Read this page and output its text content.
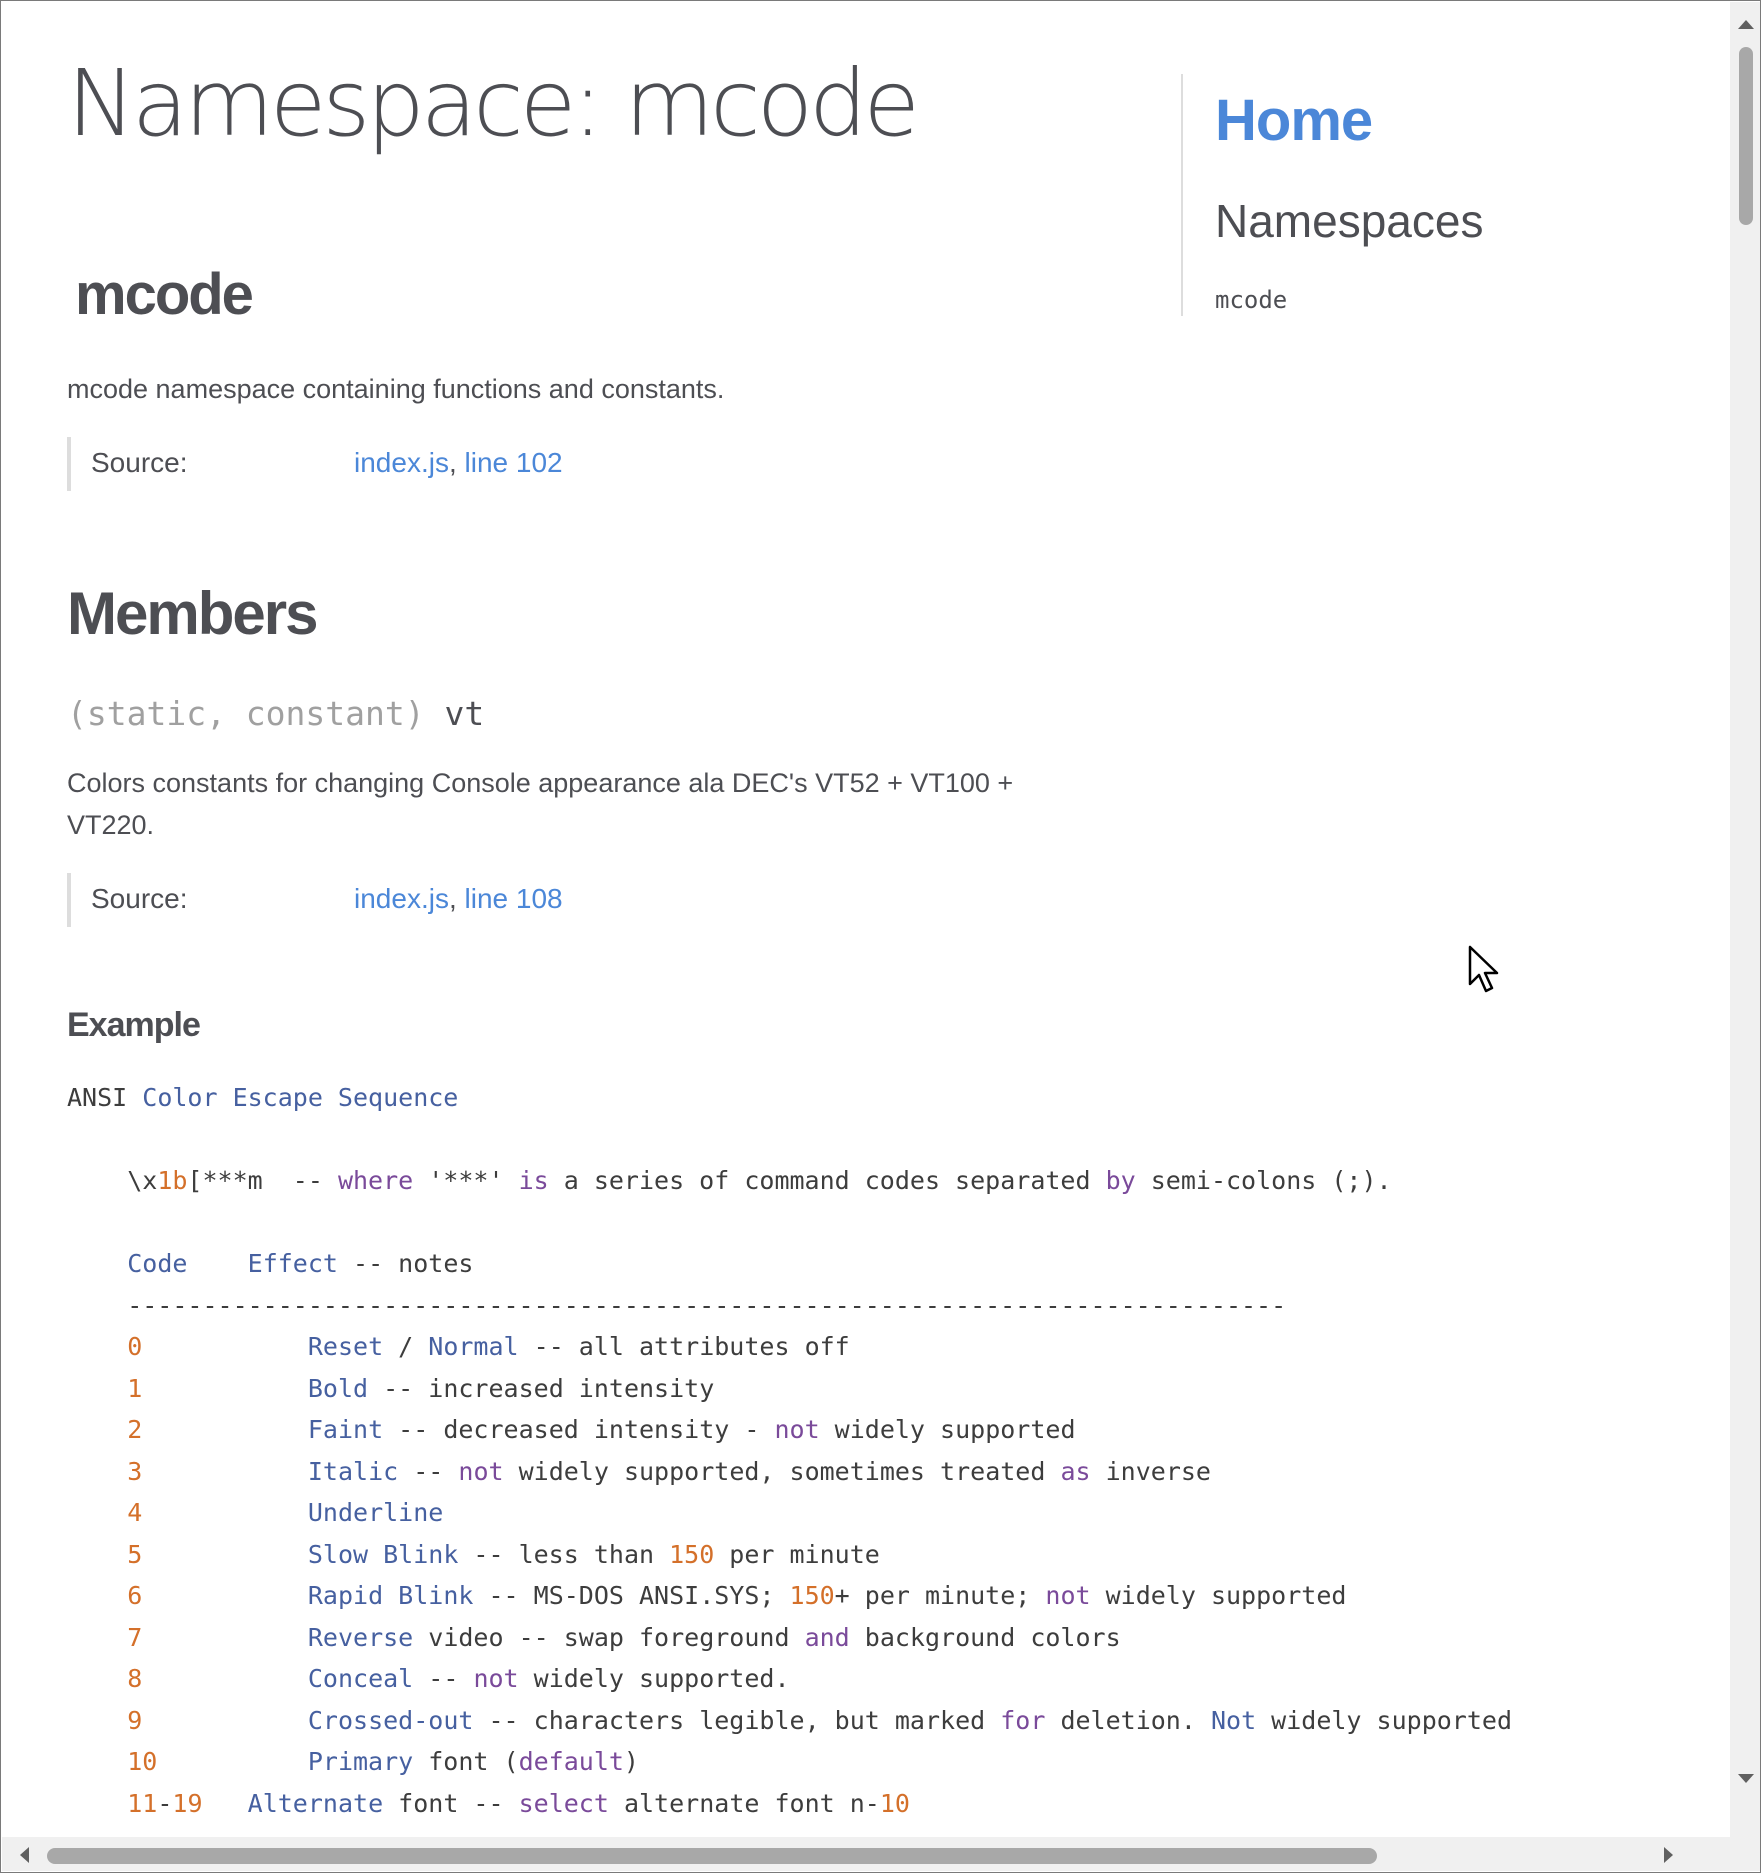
Namespace: mcode
mcode

mcode namespace containing functions and constants.

Source:	index.js, line 102
Members
(static, constant) vt

Colors constants for changing Console appearance ala DEC's VT52 + VT100 + VT220.

Source:	index.js, line 108
Example
ANSI Color Escape Sequence
\x1b[***m  -- where '***' is a series of command codes separated by semi-colons (;).
Code Effect -- notes
-----------------------------------------------------------------------------
0	Reset / Normal -- all attributes off
1	Bold -- increased intensity
2	Faint -- decreased intensity - not widely supported
3	Italic -- not widely supported, sometimes treated as inverse
4	Underline
5	Slow Blink -- less than 150 per minute
6	Rapid Blink -- MS-DOS ANSI.SYS; 150+ per minute; not widely supported
7	Reverse video -- swap foreground and background colors
8	Conceal -- not widely supported.
9	Crossed-out -- characters legible, but marked for deletion. Not widely supported
10	Primary font (default)
11-19 Alternate font -- select alternate font n-10
Home
Namespaces
mcode
